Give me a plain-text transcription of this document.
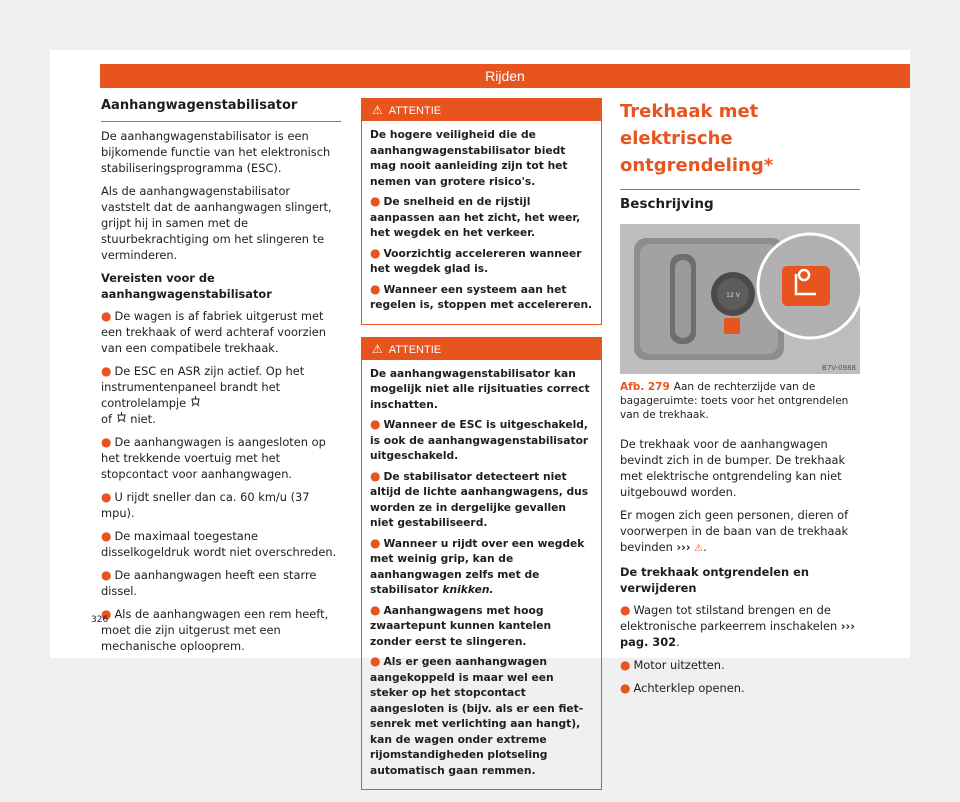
Rijden
Aanhangwagenstabilisator

De aanhangwagenstabilisator is een bijkomende functie van het elektronisch stabiliseringsprogramma (ESC).

Als de aanhangwagenstabilisator vaststelt dat de aanhangwagen slingert, grijpt hij in samen met de stuurbekrachtiging om het slingeren te verminderen.

Vereisten voor de aanhangwagenstabilisator
● De wagen is af fabriek uitgerust met een trekhaak of werd achteraf voorzien van een compatibele trekhaak.
● De ESC en ASR zijn actief. Op het instrumentenpaneel brandt het controlelampje
of niet.
● De aanhangwagen is aangesloten op het trekkende voertuig met het stopcontact voor aanhangwagen.
● U rijdt sneller dan ca. 60 km/u (37 mpu).
● De maximaal toegestane disselkogeldruk wordt niet overschreden.
● De aanhangwagen heeft een starre dissel.
● Als de aanhangwagen een rem heeft, moet die zijn uitgerust met een mechanische oplooprem.
⚠ ATTENTIE

De hogere veiligheid die de aanhangwagenstabilisator biedt mag nooit aanleiding zijn tot het nemen van grotere risico's.

● De snelheid en de rijstijl aanpassen aan het zicht, het weer, het wegdek en het verkeer.
● Voorzichtig accelereren wanneer het wegdek glad is.
● Wanneer een systeem aan het regelen is, stoppen met accelereren.
⚠ ATTENTIE

De aanhangwagenstabilisator kan mogelijk niet alle rijsituaties correct inschatten.

● Wanneer de ESC is uitgeschakeld, is ook de aanhangwagenstabilisator uitgeschakeld.
● De stabilisator detecteert niet altijd de lichte aanhangwagens, dus worden ze in dergelijke gevallen niet gestabiliseerd.
● Wanneer u rijdt over een wegdek met weinig grip, kan de aanhangwagen zelfs met de stabilisator knikken.
● Aanhangwagens met hoog zwaartepunt kunnen kantelen zonder eerst te slingeren.
● Als er geen aanhangwagen aangekoppeld is maar wel een steker op het stopcontact aangesloten is (bijv. als er een fietsenrek met verlichting aan hangt), kan de wagen onder extreme rijomstandigheden plotseling automatisch gaan remmen.
Trekhaak met elektrische ontgrendeling*
Beschrijving
12 V
B7V-0988
Afb. 279 Aan de rechterzijde van de bagageruimte: toets voor het ontgrendelen van de trekhaak.

De trekhaak voor de aanhangwagen bevindt zich in de bumper. De trekhaak met elektrische ontgrendeling kan niet uitgebouwd worden.

Er mogen zich geen personen, dieren of voorwerpen in de baan van de trekhaak bevinden ››› ⚠.

De trekhaak ontgrendelen en verwijderen
● Wagen tot stilstand brengen en de elektronische parkeerrem inschakelen ››› pag. 302.
● Motor uitzetten.
● Achterklep openen.
326
